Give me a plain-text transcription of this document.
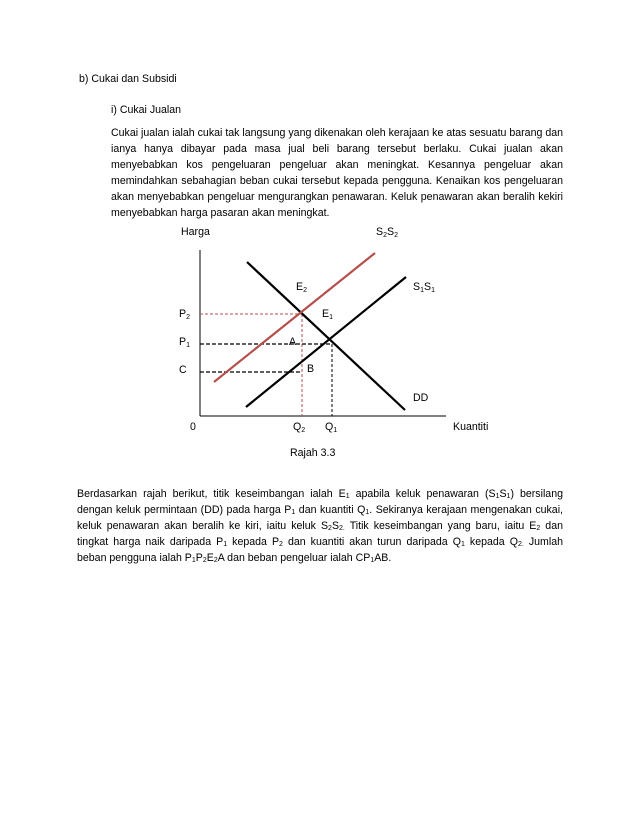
b) Cukai dan Subsidi
i) Cukai Jualan

Cukai jualan ialah cukai tak langsung yang dikenakan oleh kerajaan ke atas sesuatu barang dan ianya hanya dibayar pada masa jual beli barang tersebut berlaku. Cukai jualan akan menyebabkan kos pengeluaran pengeluar akan meningkat. Kesannya pengeluar akan memindahkan sebahagian beban cukai tersebut kepada pengguna. Kenaikan kos pengeluaran akan menyebabkan pengeluar mengurangkan penawaran. Keluk penawaran akan beralih kekiri menyebabkan harga pasaran akan meningkat.

Harga
Kuantiti
0
S2S2
S1S1
DD
E2
E1
A
B
P2
P1
C
Q2 Q1
Rajah 3.3

Berdasarkan rajah berikut, titik keseimbangan ialah $E_1$ apabila keluk penawaran $(S_1S_1)$ bersilang dengan keluk permintaan (DD) pada harga $P_1$ dan kuantiti $Q_1$. Sekiranya kerajaan mengenakan cukai, keluk penawaran akan beralih ke kiri, iaitu keluk $S_2S_{2.}$ Titik keseimbangan yang baru, iaitu $E_2$ dan tingkat harga naik daripada $P_1$ kepada $P_2$ dan kuantiti akan turun daripada $Q_1$ kepada $Q_{2.}$ Jumlah beban pengguna ialah $P_1P_2E_2A$ dan beban pengeluar ialah $CP_1AB$.
